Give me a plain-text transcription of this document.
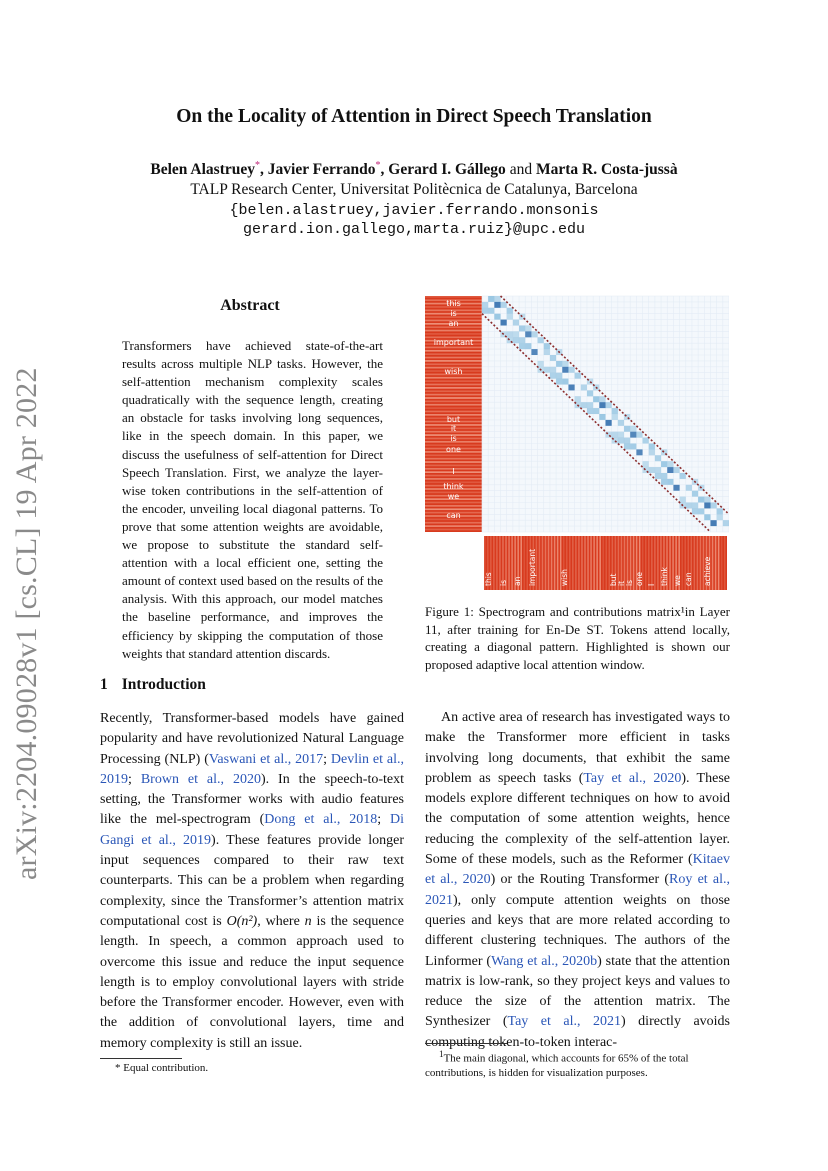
arXiv:2204.09028v1 [cs.CL] 19 Apr 2022
On the Locality of Attention in Direct Speech Translation
Belen Alastruey*, Javier Ferrando*, Gerard I. Gállego and Marta R. Costa-jussà
TALP Research Center, Universitat Politècnica de Catalunya, Barcelona
{belen.alastruey,javier.ferrando.monsonis
gerard.ion.gallego,marta.ruiz}@upc.edu
Abstract
Transformers have achieved state-of-the-art results across multiple NLP tasks. However, the self-attention mechanism complexity scales quadratically with the sequence length, creating an obstacle for tasks involving long sequences, like in the speech domain. In this paper, we discuss the usefulness of self-attention for Direct Speech Translation. First, we analyze the layer-wise token contributions in the self-attention of the encoder, unveiling local diagonal patterns. To prove that some attention weights are avoidable, we propose to substitute the standard self-attention with a local efficient one, setting the amount of context used based on the results of the analysis. With this approach, our model matches the baseline performance, and improves the efficiency by skipping the computation of those weights that standard attention discards.
1 Introduction
Recently, Transformer-based models have gained popularity and have revolutionized Natural Language Processing (NLP) (Vaswani et al., 2017; Devlin et al., 2019; Brown et al., 2020). In the speech-to-text setting, the Transformer works with audio features like the mel-spectrogram (Dong et al., 2018; Di Gangi et al., 2019). These features provide longer input sequences compared to their raw text counterparts. This can be a problem when regarding complexity, since the Transformer’s attention matrix computational cost is O(n²), where n is the sequence length. In speech, a common approach used to overcome this issue and reduce the input sequence length is to employ convolutional layers with stride before the Transformer encoder. However, even with the addition of convolutional layers, time and memory complexity is still an issue.
An active area of research has investigated ways to make the Transformer more efficient in tasks involving long documents, that exhibit the same problem as speech tasks (Tay et al., 2020). These models explore different techniques on how to avoid the computation of some attention weights, hence reducing the complexity of the self-attention layer. Some of these models, such as the Reformer (Kitaev et al., 2020) or the Routing Transformer (Roy et al., 2021), only compute attention weights on those queries and keys that are more related according to different clustering techniques. The authors of the Linformer (Wang et al., 2020b) state that the attention matrix is low-rank, so they project keys and values to reduce the size of the attention matrix. The Synthesizer (Tay et al., 2021) directly avoids computing token-to-token interac-
* Equal contribution.
$^1$The main diagonal, which accounts for 65% of the total contributions, is hidden for visualization purposes.
this
is
an
important
wish
but
it
is
one
I
think
we
can
this is an important	wish	but it is one I think we can achieve
Figure 1: Spectrogram and contributions matrix¹in Layer 11, after training for En-De ST. Tokens attend locally, creating a diagonal pattern. Highlighted is shown our proposed adaptive local attention window.
